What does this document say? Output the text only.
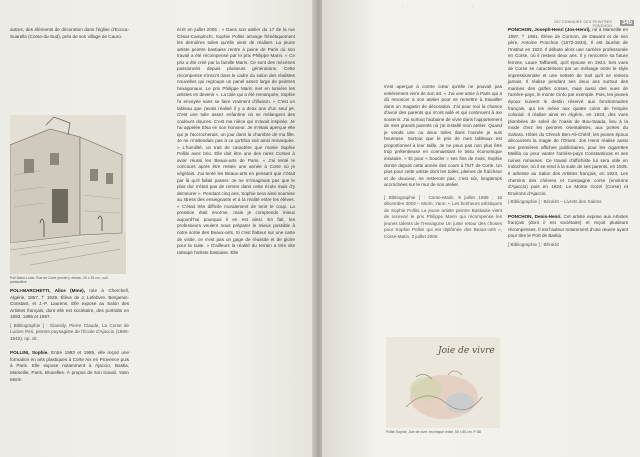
autres, des éléments de décoration dans l'église d'Ecoca-Suarella (Corse-du-Sud), près de son village de Cauro.

Poli Marie-Lucie, Rue de Corte (ancien), dessin, 26 x 33 cm ; coll. particulière

POLI-MARCHETTI, Alice (Mme), née à Cherchell, Algérie, 1857, † 1929. Élève de J. Lefebvre, Benjamin-Constant, et J.-P. Laurens. Elle expose au Salon des Artistes français, dont elle est sociétaire, des portraits en 1893, 1895 et 1897.

[ Bibliographie ] : Giansily, Pierre Claude, La Corse de Lucien Peri, peintre paysagiste de l'École d'Ajaccio (1880-1940), op. cit.

POLLINI, Sophie. Entre 1993 et 1995, elle reçoit une formation en arts plastiques à Corte Aix en Provence puis à Paris. Elle expose notamment à Ajaccio, Bastia, Marseille, Paris, Bruxelles. À propos de son travail, Yann Morin

écrit en juillet 2005 : « Dans son atelier du 17 de la rue César-Campinchi, Sophie Pollini arrange frénétiquement les dernières toiles qu'elle vient de réaliser. La jeune artiste peintre bastiaise rentre à peine de Paris où son travail a été récompensé par le prix Philippe Marin. « Ce prix a été créé par la famille Marin. Ce sont des mécènes passionnés depuis plusieurs générations. Cette récompense s'inscrit dans le cadre du salon des réalistes nouvelles qui regroupe un panel assez large de peintres hexagonaux. Le prix Philippe Marin met en lumière les artistes en devenir ». La toile qui a été remarquée, Sophie l'a envoyée sans se faire vraiment d'illusion. « C'est un tableau que j'avais réalisé il y a deux ans d'un seul jet. C'est une toile assez enfantine où se mélangent des couleurs douces. C'est ma nièce qui m'avait inspirée. Je l'ai appelée Elsa en son honneur. Je m'étais aperçue elle qui je l'accrocherais, un jour dans la chambre de ma fille. Je ne m'attendais pas à ce qu'Elsa soit ainsi remarquée. » L'humilité, un trait de caractère que manie Sophie Pollini avec brio. Elle doit être une des rares Corses à avoir réussi les Beaux-arts de Paris. « J'ai tenté le concours après être restée une année à Corte où je végétais. J'ai tenté les Beaux-arts en pensant que c'était par là qu'il fallait passer. Je ne m'imaginais pas que le plus dur n'était pas de rentrer dans cette école mais d'y demeurer ». Pendant cinq ans, Sophie sera ainsi soumise au stress des enseignants et à la réalité entre les élèves. « C'était très difficile moralement de tenir le coup. La pression était énorme, mais je comprends mieux aujourd'hui pourquoi il en est ainsi. En fait, les professeurs veulent nous préparer le mieux possible à notre sortie des Beaux-arts. Si c'est flatteur sur une carte de visite, ce n'est pas un gage de réussite et de gloire pour la suite. » D'ailleurs la réalité du terrain a très vite rattrapé l'artiste bastiaise. Elle

DICTIONNAIRE DES PEINTRES
PONCHON	345
·	·

s'est aperçue à contre cœur qu'elle ne pouvait pas entièrement vivre de son art. « J'ai une amie à Paris qui a dû renoncer à son atelier pour se remettre à travailler dans un magasin de décoration. J'ai pour moi la chance d'avoir des parents qui m'ont aidé et qui continuent à me soutenir. J'ai surtout l'aubaine de vivre dans l'appartement de mes grands parents où j'ai installé mon atelier. Quand je vends une ou deux toiles dans l'année je suis heureuse. Surtout que le prix de mes tableaux est proportionnel à leur taille. Je ne peux pas non plus être trop prétentieuse en connaissant le tissu économique insulaire. » Et pour « boucler » ses fins de mois, Sophie donne depuis cette année des cours à l'IUT de Corte. Un plus pour cette artiste dont les toiles, pleines de fraîcheur et de douceur, ne resteront pas, c'est sûr, longtemps accrochées sur le mur de son atelier.

[ Bibliographie ] : Corse-Matin, 9 juillet 1999 ; 15 décembre 2002 – Morin, Yann, « Les bonheurs artistiques de Sophie Pollini La jeune artiste peintre Bastiaise vient de recevoir le prix Philippe Marin qui récompense les jeunes talents de l'Hexagone Un juste retour des choses pour Sophie Pollini qui est diplômée des Beaux-arts », Corse-Matin, 2 juillet 2005.

Joie de vivre
Pollini Sophie, Joie de vivre, technique mixte, 50 x 50 cm. P. 88

PONCHON, Joseph-Henri (Jos-Henri), né à Marseille en 1897, † 1981. Élève de Cormon, de Dawant et de son père, Antoine Ponchon (1872-1934). Il est lauréat de l'Institut en 1922. Il débute alors une carrière professorale en Corse, où il restera deux ans. Il y rencontre sa future femme, Laure Taffanelli, qu'il épouse en 1924. Ses vues de Corse se caractérisent par un mélange entre le style impressionniste et une netteté de trait qu'il ne reniera jamais. Il réalise pendant ses deux ans surtout des marines des golfes corses, mais aussi des vues de l'arrière-pays, le monte Cinto par exemple. Puis, les jeunes époux suivent le destin réservé aux fonctionnaires français, qui les mène aux quatre coins de l'empire colonial. Il réalise ainsi en Algérie, en 1924, des vues plombées de soleil de l'oasis de Bou-Saada, lieu à la mode chez les peintres orientalistes, aux portes du Sahara. Hôtes du Chreck Ben-Ali-Chérif, les jeunes époux découvrent la magie de l'Orient. Jos Henri réalise aussi ses premières affiches publicitaires, pour les cigarettes Melilla ou pour vanter l'arrière-pays Constantinois et ses ruines romaines. Ce travail d'affichiste lui sera utile en Indochine, où il se rend à la suite de ses parents, en 1925. Il adresse au Salon des Artistes français, en 1923, Les chemins des chèvres et Campagne corse (environs d'Ajaccio) puis en 1924, Le Monte Gozzi (Corse) et Environs d'Ajaccio.

[ Bibliographie ] : Bénézit – Livrets des Salons

PONCHON, Denis-Henri. Cet artiste expose aux Artistes français (dont il est sociétaire) et reçoit plusieurs récompenses. Il est l'auteur notamment d'une œuvre ayant pour titre le Port de Bastia.

[ Bibliographie ] : Bénézit
